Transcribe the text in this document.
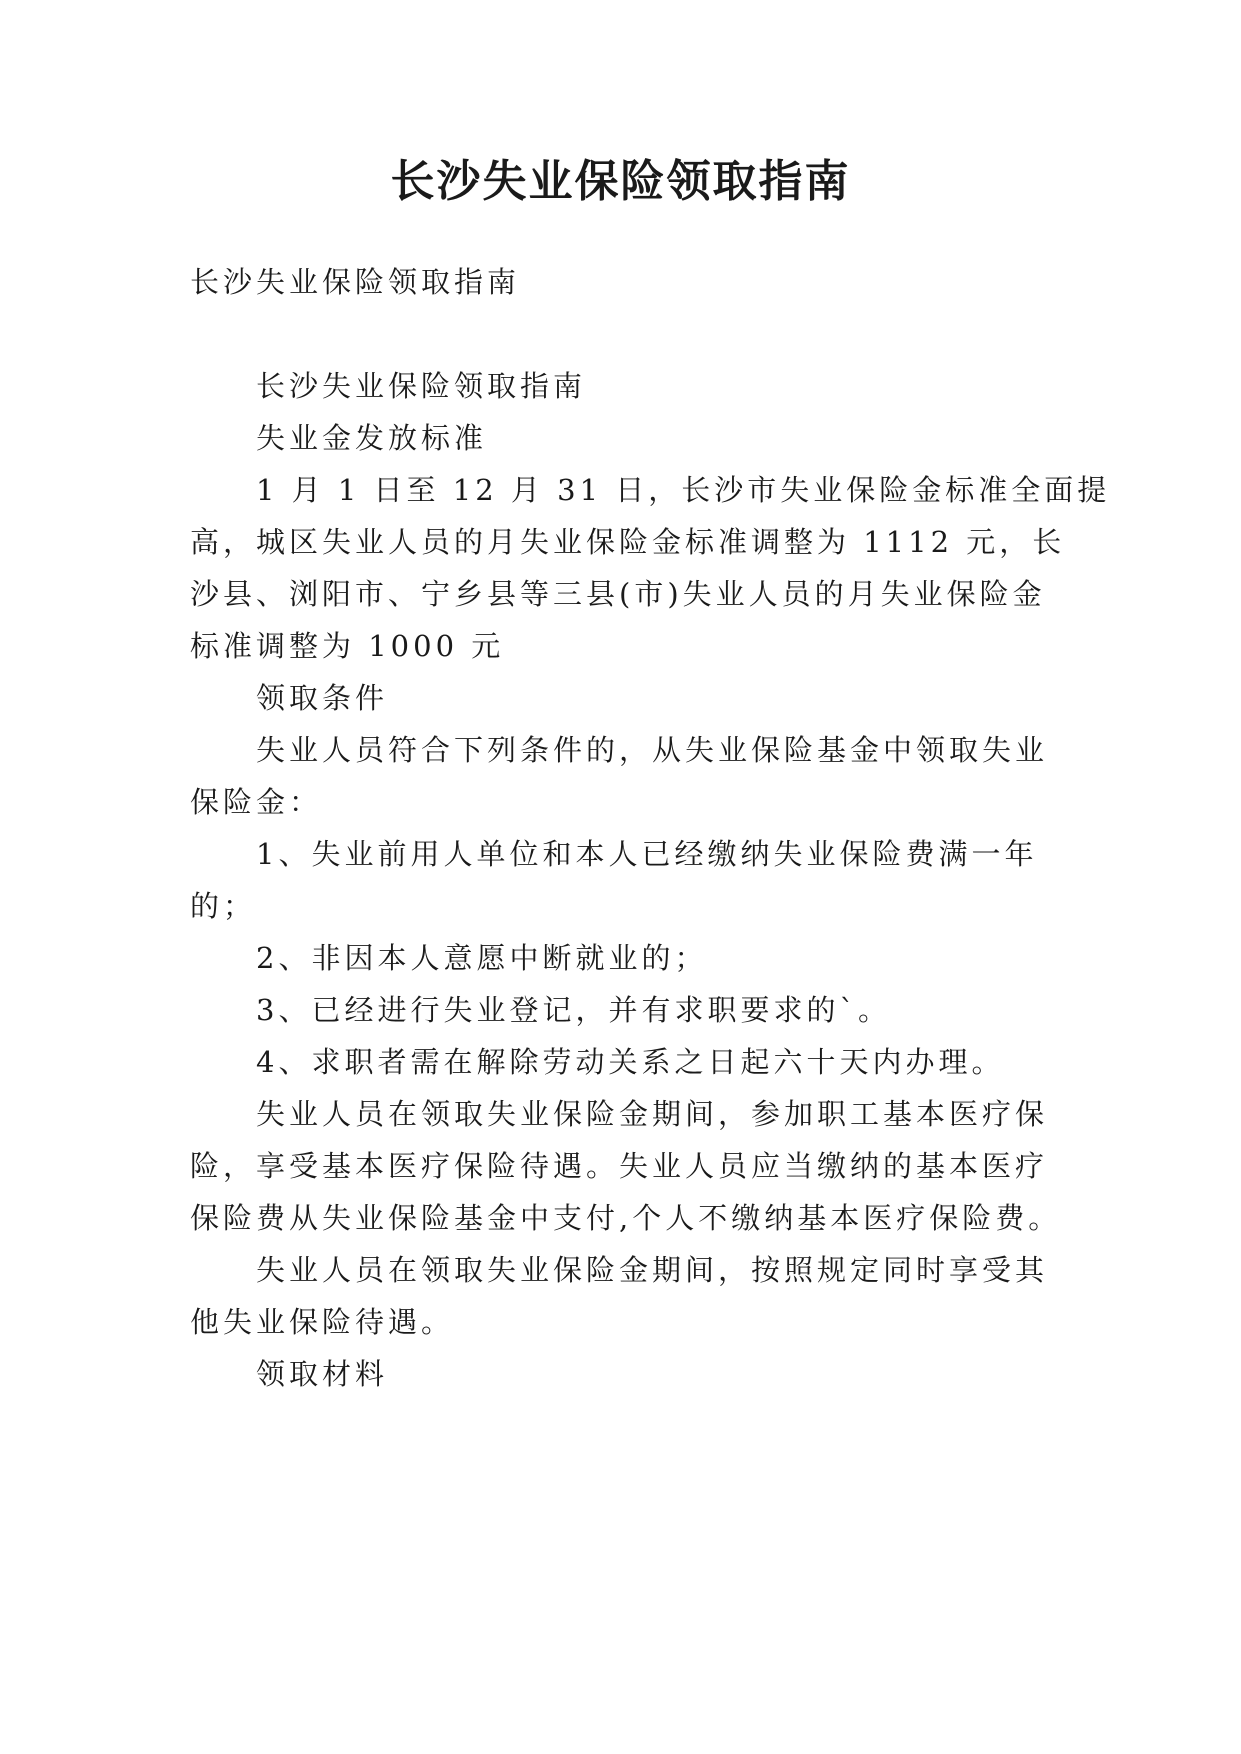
长沙失业保险领取指南
长沙失业保险领取指南
长沙失业保险领取指南
失业金发放标准
1 月 1 日至 12 月 31 日，长沙市失业保险金标准全面提
高，城区失业人员的月失业保险金标准调整为 1112 元，长
沙县、浏阳市、宁乡县等三县(市)失业人员的月失业保险金
标准调整为 1000 元
领取条件
失业人员符合下列条件的，从失业保险基金中领取失业
保险金：
1、失业前用人单位和本人已经缴纳失业保险费满一年
的；
2、非因本人意愿中断就业的；
3、已经进行失业登记，并有求职要求的`。
4、求职者需在解除劳动关系之日起六十天内办理。
失业人员在领取失业保险金期间，参加职工基本医疗保
险，享受基本医疗保险待遇。失业人员应当缴纳的基本医疗
保险费从失业保险基金中支付,个人不缴纳基本医疗保险费。
失业人员在领取失业保险金期间，按照规定同时享受其
他失业保险待遇。
领取材料
